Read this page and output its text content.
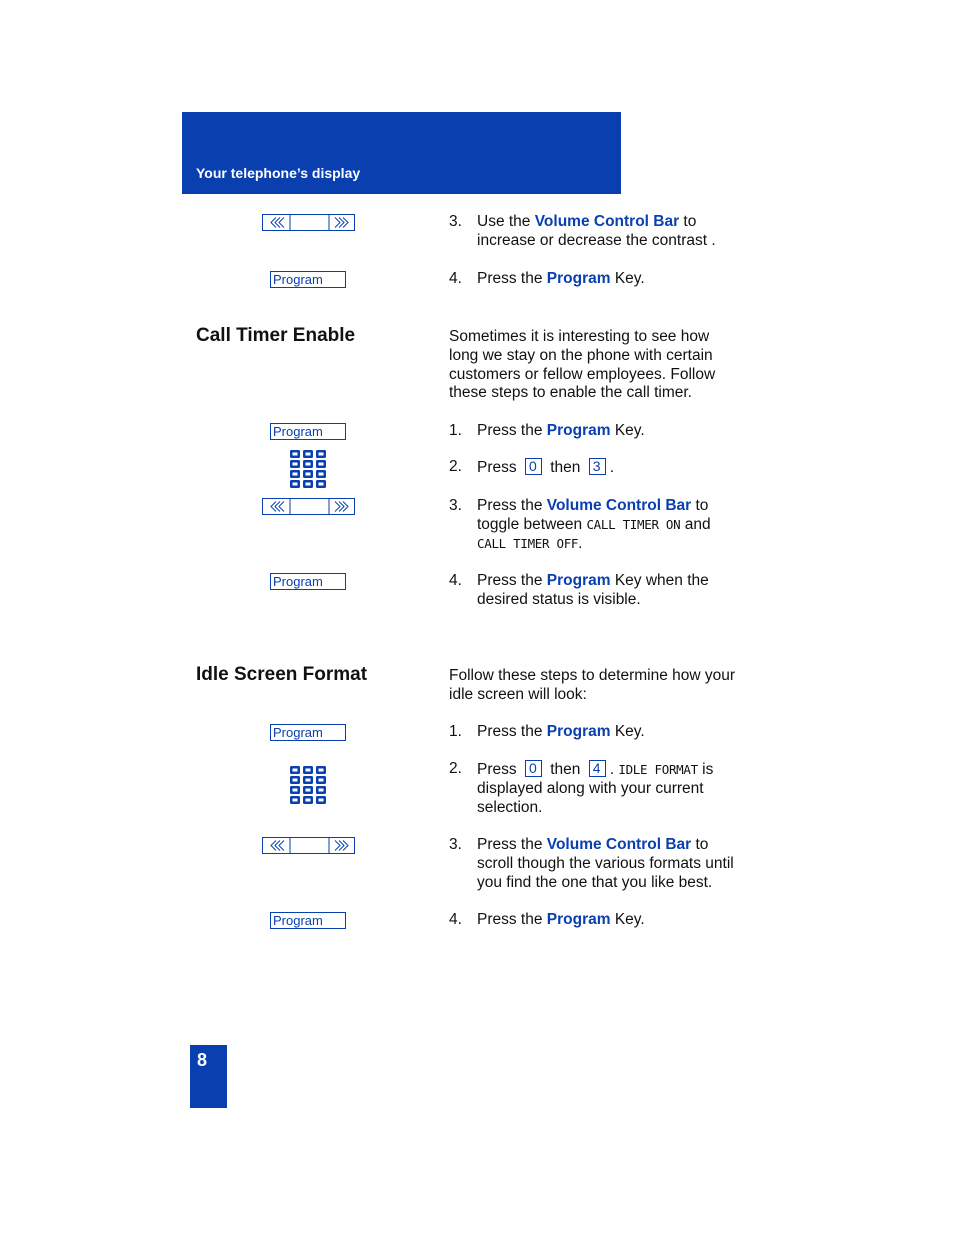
Your telephone’s display
3. Use the Volume Control Bar to increase or decrease the contrast .
Program	4. Press the Program Key.
Call Timer Enable	Sometimes it is interesting to see how long we stay on the phone with certain customers or fellow employees. Follow these steps to enable the call timer.
Program	1. Press the Program Key.
2. Press 0 then 3 .
3. Press the Volume Control Bar to toggle between CALL TIMER ON and CALL TIMER OFF.
Program	4. Press the Program Key when the desired status is visible.
Idle Screen Format	Follow these steps to determine how your idle screen will look:
Program	1. Press the Program Key.
2. Press 0 then 4 . IDLE FORMAT is displayed along with your current selection.
3. Press the Volume Control Bar to scroll though the various formats until you find the one that you like best.
Program	4. Press the Program Key.
8
